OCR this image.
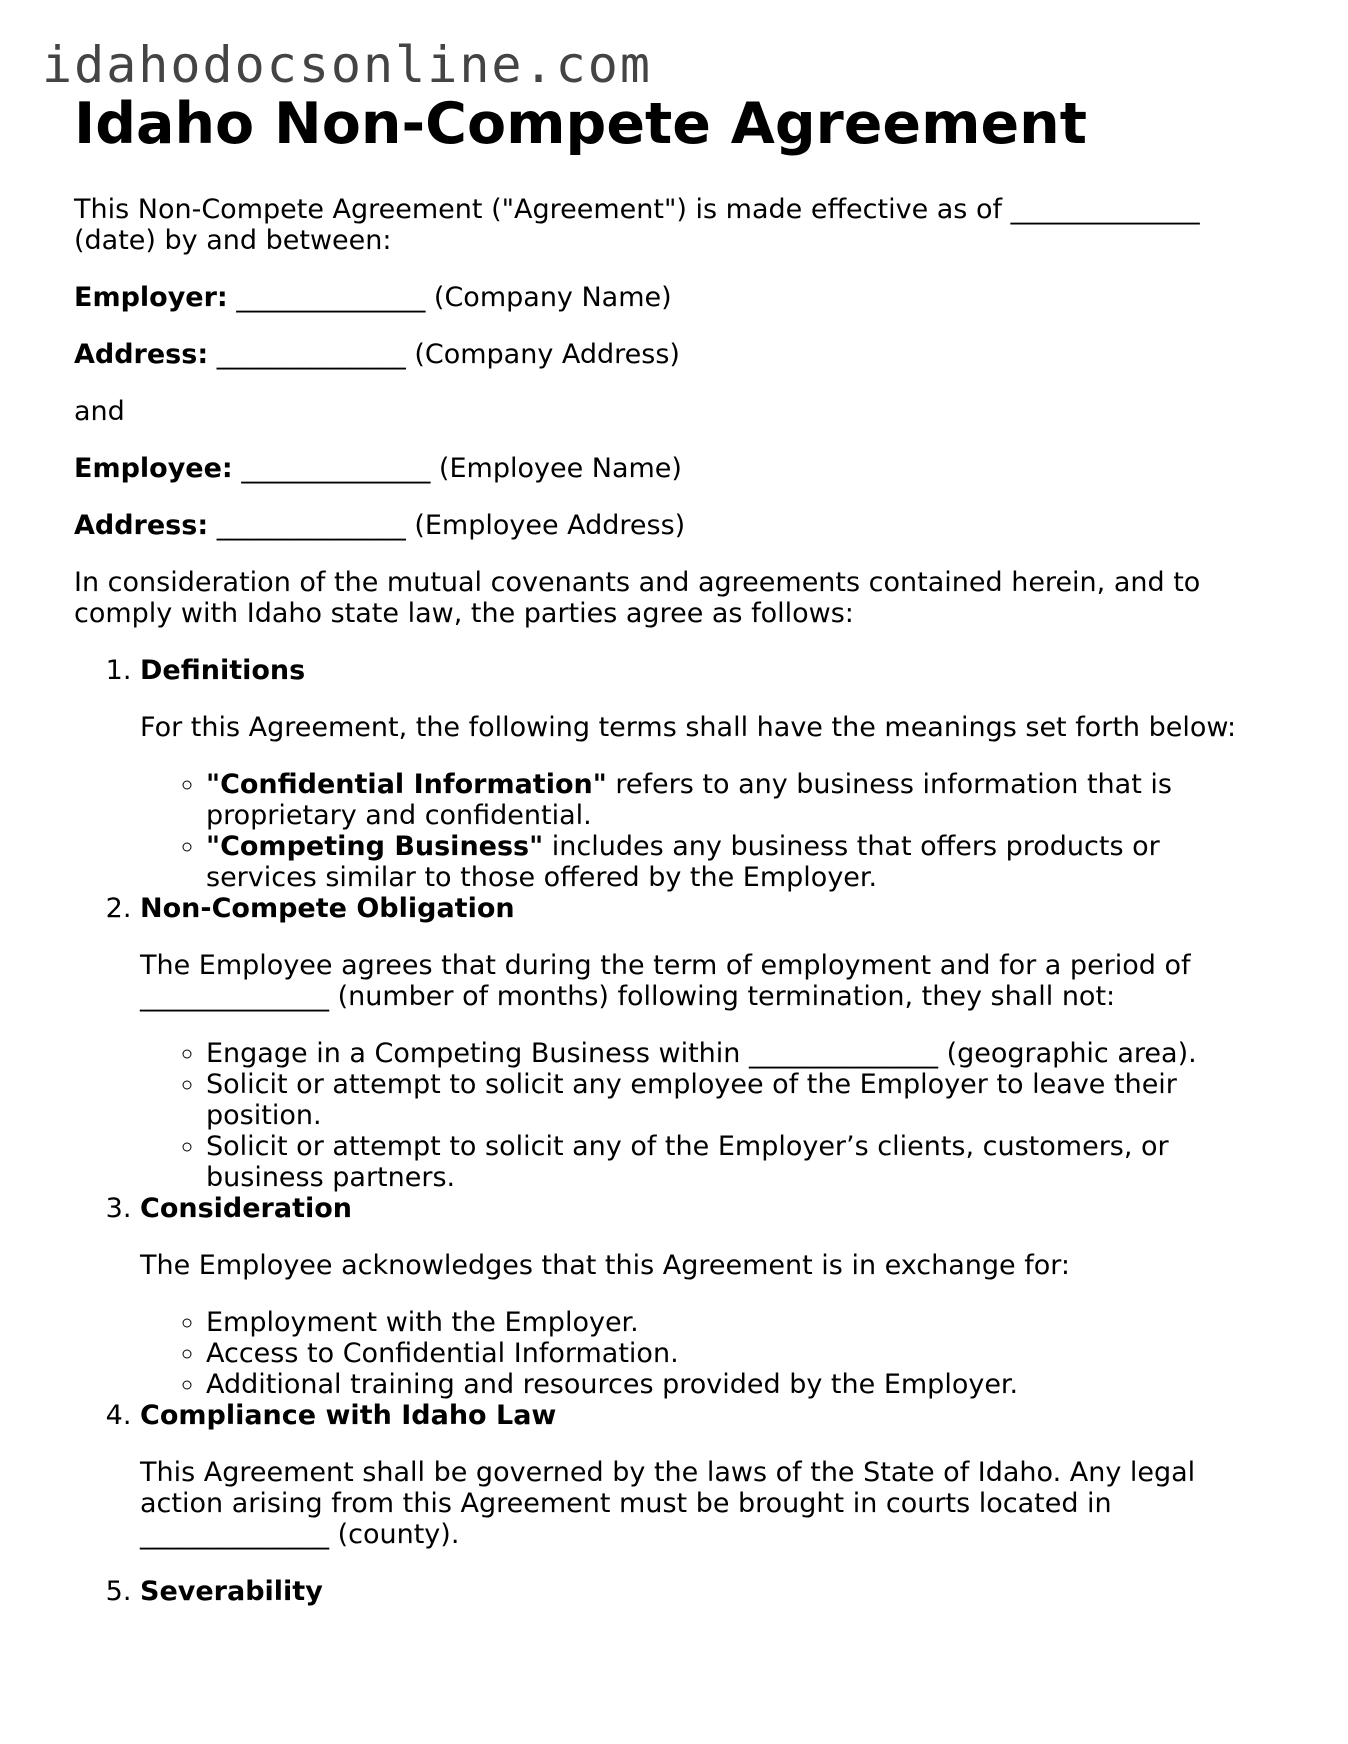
idahodocsonline.com
Idaho Non-Compete Agreement

This Non-Compete Agreement ("Agreement") is made effective as of ______________ (date) by and between:

Employer: ______________ (Company Name)

Address: ______________ (Company Address)

and

Employee: ______________ (Employee Name)

Address: ______________ (Employee Address)

In consideration of the mutual covenants and agreements contained herein, and to comply with Idaho state law, the parties agree as follows:

1. Definitions

For this Agreement, the following terms shall have the meanings set forth below:

◦ "Confidential Information" refers to any business information that is proprietary and confidential.
◦ "Competing Business" includes any business that offers products or services similar to those offered by the Employer.
2. Non-Compete Obligation

The Employee agrees that during the term of employment and for a period of ______________ (number of months) following termination, they shall not:

◦ Engage in a Competing Business within ______________ (geographic area).
◦ Solicit or attempt to solicit any employee of the Employer to leave their position.
◦ Solicit or attempt to solicit any of the Employer’s clients, customers, or business partners.
3. Consideration

The Employee acknowledges that this Agreement is in exchange for:

◦ Employment with the Employer.
◦ Access to Confidential Information.
◦ Additional training and resources provided by the Employer.
4. Compliance with Idaho Law

This Agreement shall be governed by the laws of the State of Idaho. Any legal action arising from this Agreement must be brought in courts located in ______________ (county).

5. Severability
